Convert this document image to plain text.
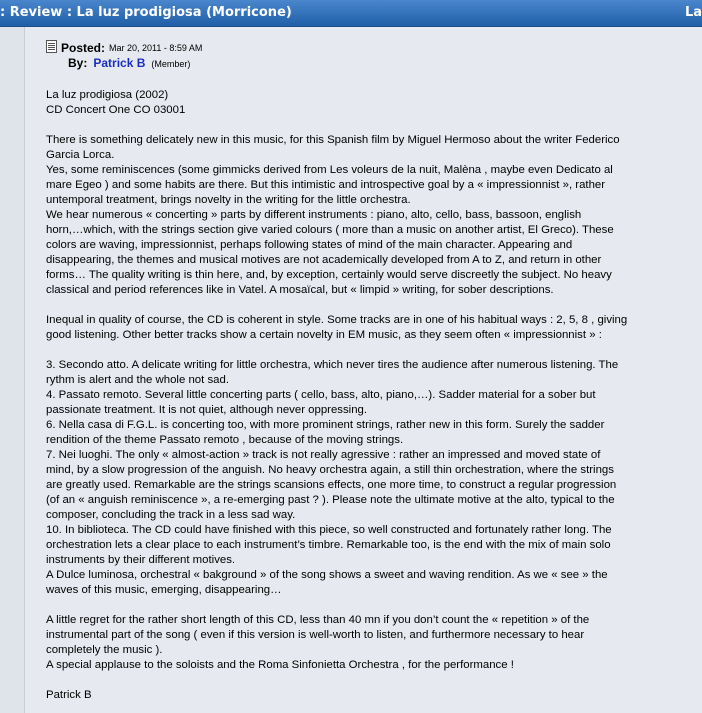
: Review : La luz prodigiosa (Morricone)	La
Posted: Mar 20, 2011 - 8:59 AM
By: Patrick B (Member)

La luz prodigiosa (2002)

CD Concert One CO 03001

There is something delicately new in this music, for this Spanish film by Miguel Hermoso about the writer Federico

Garcia Lorca.

Yes, some reminiscences (some gimmicks derived from Les voleurs de la nuit, Malèna , maybe even Dedicato al

mare Egeo ) and some habits are there. But this intimistic and introspective goal by a « impressionnist », rather

untemporal treatment, brings novelty in the writing for the little orchestra.

We hear numerous « concerting » parts by different instruments : piano, alto, cello, bass, bassoon, english

horn,…which, with the strings section give varied colours ( more than a music on another artist, El Greco). These

colors are waving, impressionnist, perhaps following states of mind of the main character. Appearing and

disappearing, the themes and musical motives are not academically developed from A to Z, and return in other

forms… The quality writing is thin here, and, by exception, certainly would serve discreetly the subject. No heavy

classical and period references like in Vatel. A mosaïcal, but « limpid » writing, for sober descriptions.

Inequal in quality of course, the CD is coherent in style. Some tracks are in one of his habitual ways : 2, 5, 8 , giving

good listening. Other better tracks show a certain novelty in EM music, as they seem often « impressionnist » :

3. Secondo atto. A delicate writing for little orchestra, which never tires the audience after numerous listening. The

rythm is alert and the whole not sad.

4. Passato remoto. Several little concerting parts ( cello, bass, alto, piano,…). Sadder material for a sober but

passionate treatment. It is not quiet, although never oppressing.

6. Nella casa di F.G.L. is concerting too, with more prominent strings, rather new in this form. Surely the sadder

rendition of the theme Passato remoto , because of the moving strings.

7. Nei luoghi. The only « almost-action » track is not really agressive : rather an impressed and moved state of

mind, by a slow progression of the anguish. No heavy orchestra again, a still thin orchestration, where the strings

are greatly used. Remarkable are the strings scansions effects, one more time, to construct a regular progression

(of an « anguish reminiscence », a re-emerging past ? ). Please note the ultimate motive at the alto, typical to the

composer, concluding the track in a less sad way.

10. In biblioteca. The CD could have finished with this piece, so well constructed and fortunately rather long. The

orchestration lets a clear place to each instrument’s timbre. Remarkable too, is the end with the mix of main solo

instruments by their different motives.

A Dulce luminosa, orchestral « bakground » of the song shows a sweet and waving rendition. As we « see » the

waves of this music, emerging, disappearing…

A little regret for the rather short length of this CD, less than 40 mn if you don’t count the « repetition » of the

instrumental part of the song ( even if this version is well-worth to listen, and furthermore necessary to hear

completely the music ).

A special applause to the soloists and the Roma Sinfonietta Orchestra , for the performance !

Patrick B
